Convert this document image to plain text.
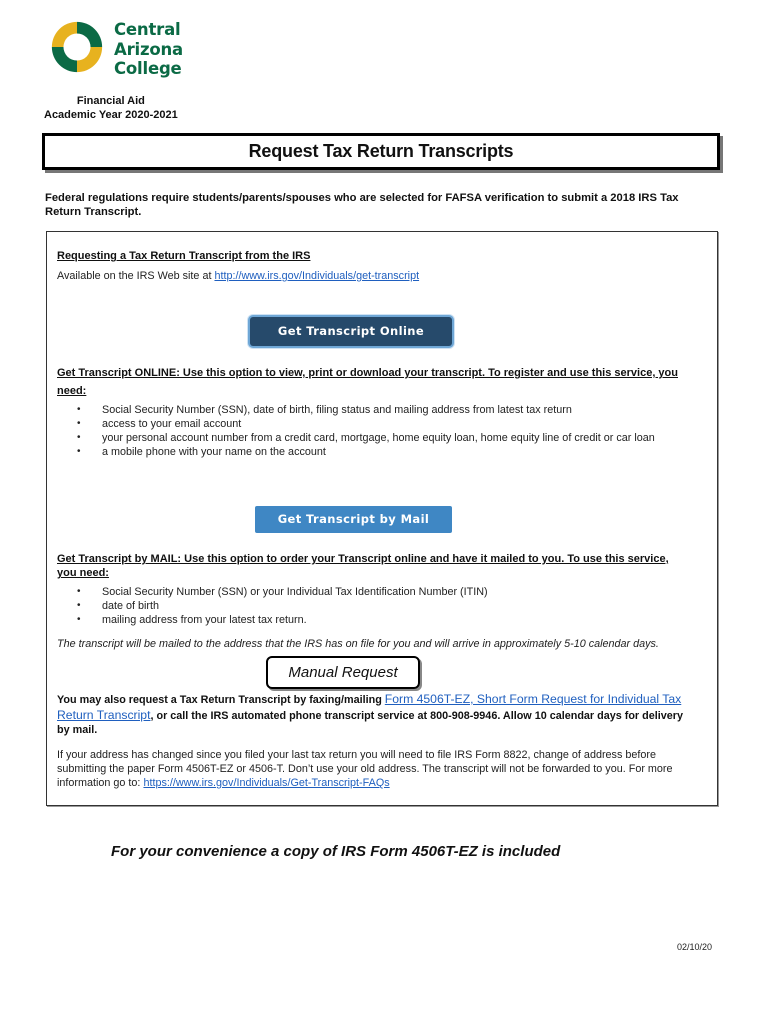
Central
Arizona
College
Financial Aid
Academic Year 2020-2021
Request Tax Return Transcripts
Federal regulations require students/parents/spouses who are selected for FAFSA verification to submit a 2018 IRS Tax Return Transcript.
Requesting a Tax Return Transcript from the IRS
Available on the IRS Web site at http://www.irs.gov/Individuals/get-transcript
Get Transcript Online
Get Transcript ONLINE: Use this option to view, print or download your transcript. To register and use this service, you
need:
• Social Security Number (SSN), date of birth, filing status and mailing address from latest tax return
• access to your email account
• your personal account number from a credit card, mortgage, home equity loan, home equity line of credit or car loan
• a mobile phone with your name on the account
Get Transcript by Mail
Get Transcript by MAIL: Use this option to order your Transcript online and have it mailed to you. To use this service,
you need:
• Social Security Number (SSN) or your Individual Tax Identification Number (ITIN)
• date of birth
• mailing address from your latest tax return.
The transcript will be mailed to the address that the IRS has on file for you and will arrive in approximately 5-10 calendar days.
Manual Request
You may also request a Tax Return Transcript by faxing/mailing Form 4506T-EZ, Short Form Request for Individual Tax Return Transcript, or call the IRS automated phone transcript service at 800-908-9946. Allow 10 calendar days for delivery by mail.
If your address has changed since you filed your last tax return you will need to file IRS Form 8822, change of address before submitting the paper Form 4506T-EZ or 4506-T. Don’t use your old address. The transcript will not be forwarded to you. For more information go to: https://www.irs.gov/Individuals/Get-Transcript-FAQs
For your convenience a copy of IRS Form 4506T-EZ is included
02/10/20
